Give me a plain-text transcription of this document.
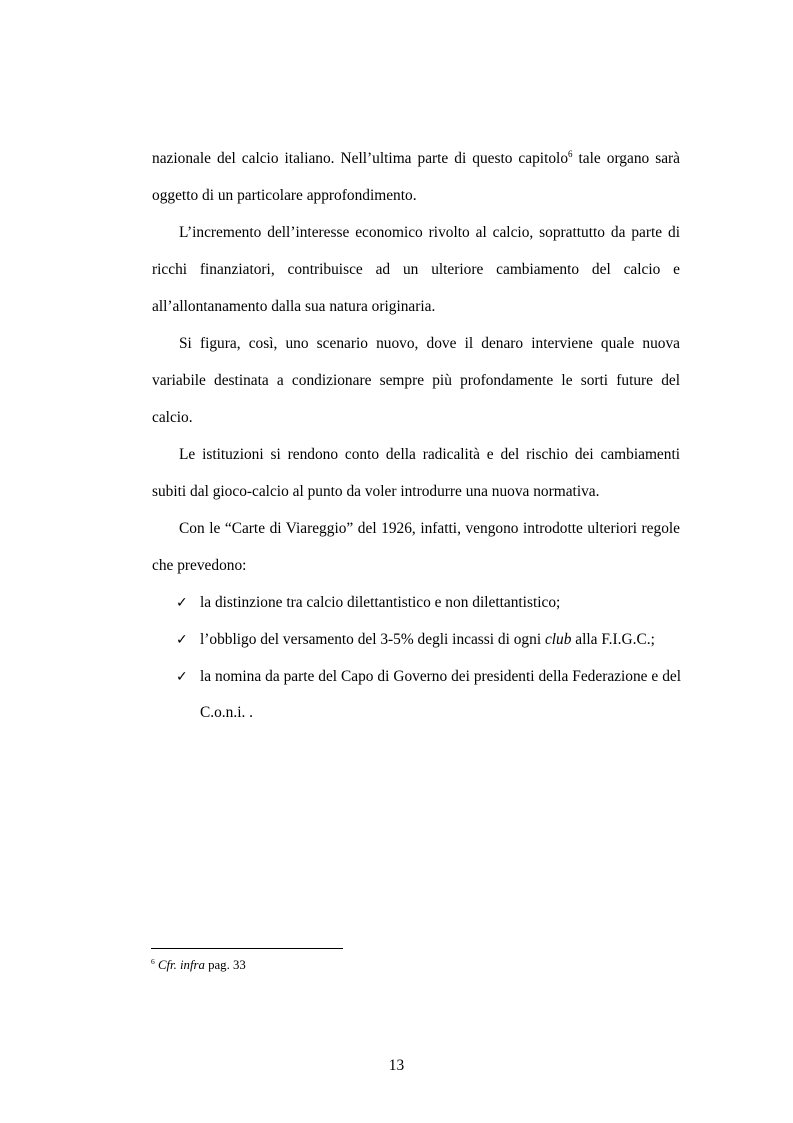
nazionale del calcio italiano. Nell’ultima parte di questo capitolo$^6$ tale organo sarà oggetto di un particolare approfondimento.

L’incremento dell’interesse economico rivolto al calcio, soprattutto da parte di ricchi finanziatori, contribuisce ad un ulteriore cambiamento del calcio e all’allontanamento dalla sua natura originaria.

Si figura, così, uno scenario nuovo, dove il denaro interviene quale nuova variabile destinata a condizionare sempre più profondamente le sorti future del calcio.

Le istituzioni si rendono conto della radicalità e del rischio dei cambiamenti subiti dal gioco-calcio al punto da voler introdurre una nuova normativa.

Con le “Carte di Viareggio” del 1926, infatti, vengono introdotte ulteriori regole che prevedono:

✓ la distinzione tra calcio dilettantistico e non dilettantistico;
✓ l’obbligo del versamento del 3-5% degli incassi di ogni club alla F.I.G.C.;
✓ la nomina da parte del Capo di Governo dei presidenti della Federazione e del C.o.n.i. .
$^6$ Cfr. infra pag. 33
13
